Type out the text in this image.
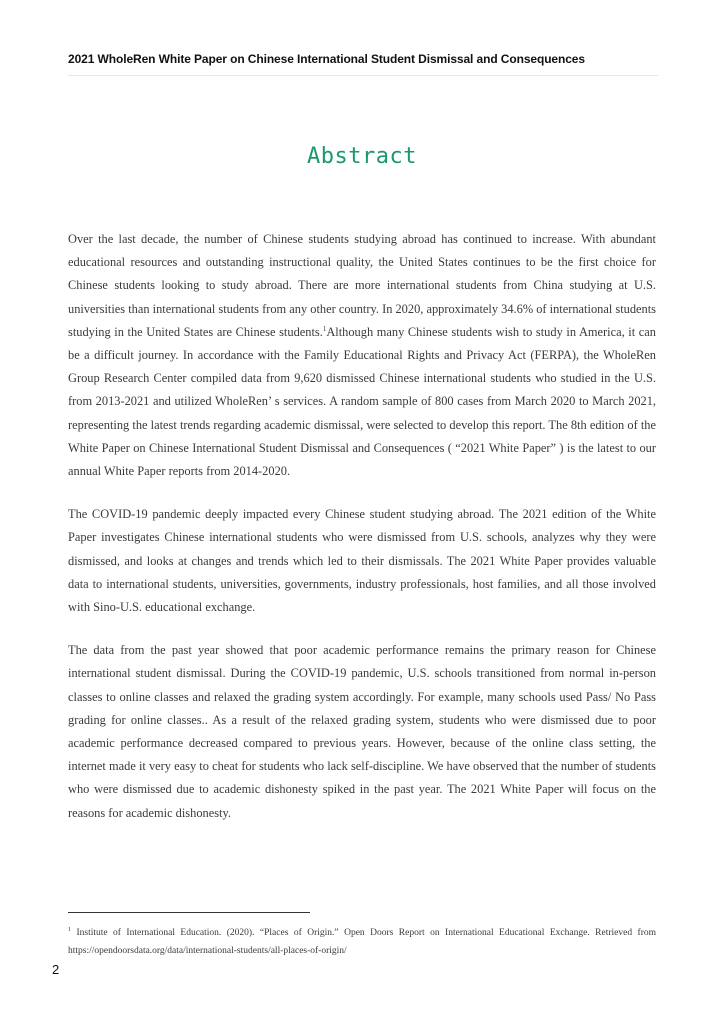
2021 WholeRen White Paper on Chinese International Student Dismissal and Consequences
Abstract

Over the last decade, the number of Chinese students studying abroad has continued to increase. With abundant educational resources and outstanding instructional quality, the United States continues to be the first choice for Chinese students looking to study abroad. There are more international students from China studying at U.S. universities than international students from any other country. In 2020, approximately 34.6% of international students studying in the United States are Chinese students.$^1$Although many Chinese students wish to study in America, it can be a difficult journey. In accordance with the Family Educational Rights and Privacy Act (FERPA), the WholeRen Group Research Center compiled data from 9,620 dismissed Chinese international students who studied in the U.S. from 2013-2021 and utilized WholeRen’ s services. A random sample of 800 cases from March 2020 to March 2021, representing the latest trends regarding academic dismissal, were selected to develop this report. The 8th edition of the White Paper on Chinese International Student Dismissal and Consequences ( “2021 White Paper” ) is the latest to our annual White Paper reports from 2014-2020.

The COVID-19 pandemic deeply impacted every Chinese student studying abroad. The 2021 edition of the White Paper investigates Chinese international students who were dismissed from U.S. schools, analyzes why they were dismissed, and looks at changes and trends which led to their dismissals. The 2021 White Paper provides valuable data to international students, universities, governments, industry professionals, host families, and all those involved with Sino-U.S. educational exchange.

The data from the past year showed that poor academic performance remains the primary reason for Chinese international student dismissal. During the COVID-19 pandemic, U.S. schools transitioned from normal in-person classes to online classes and relaxed the grading system accordingly. For example, many schools used Pass/ No Pass grading for online classes.. As a result of the relaxed grading system, students who were dismissed due to poor academic performance decreased compared to previous years. However, because of the online class setting, the internet made it very easy to cheat for students who lack self-discipline. We have observed that the number of students who were dismissed due to academic dishonesty spiked in the past year. The 2021 White Paper will focus on the reasons for academic dishonesty.

$^1$ Institute of International Education. (2020). “Places of Origin.” Open Doors Report on International Educational Exchange. Retrieved from https://opendoorsdata.org/data/international-students/all-places-of-origin/
2
